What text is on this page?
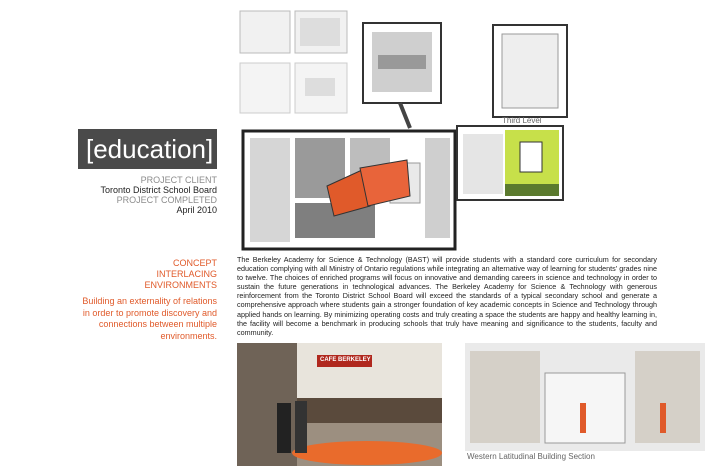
[education]
PROJECT CLIENT
Toronto District School Board
PROJECT COMPLETED
April 2010
CONCEPT
INTERLACING
ENVIRONMENTS
Building an externality of relations in order to promote discovery and connections between multiple environments.
The Berkeley Academy for Science & Technology (BAST) will provide students with a standard core curriculum for secondary education complying with all Ministry of Ontario regulations while integrating an alternative way of learning for students' grades nine to twelve. The choices of enriched programs will focus on innovative and demanding careers in science and technology in order to sustain the future generations in technological advances. The Berkeley Academy for Science & Technology with generous reinforcement from the Toronto District School Board will exceed the standards of a typical secondary school and generate a comprehensive approach where students gain a stronger foundation of key academic concepts in Science and Technology through applied hands on learning. By minimizing operating costs and truly creating a space the students are happy and healthy learning in, the facility will become a benchmark in producing schools that truly have meaning and significance to the students, faculty and community.
Third Level
CAFE BERKELEY
Western Latitudinal Building Section
